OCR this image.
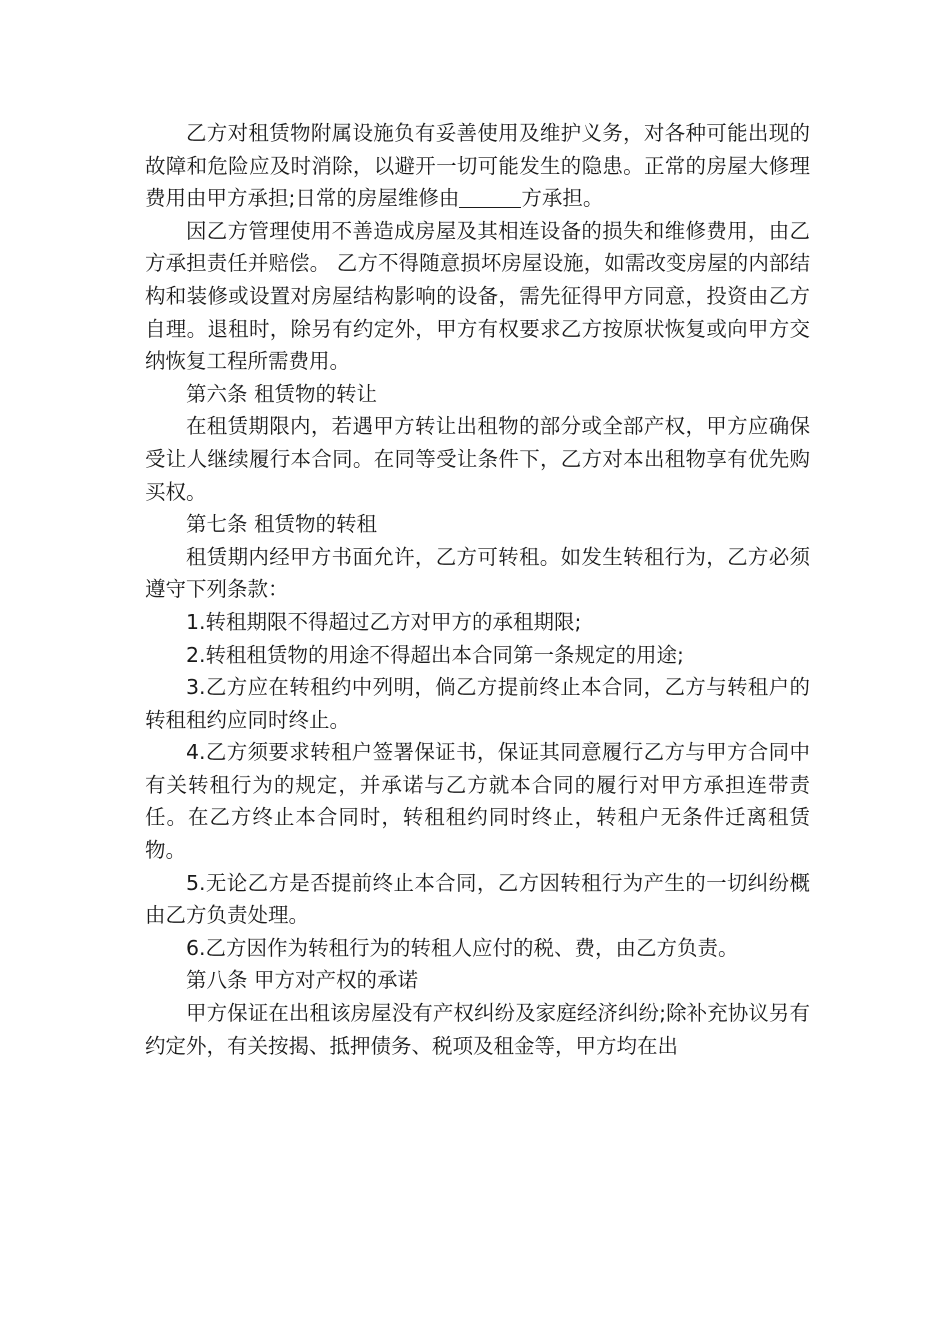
乙方对租赁物附属设施负有妥善使用及维护义务，对各种可能出现的故障和危险应及时消除，以避开一切可能发生的隐患。正常的房屋大修理费用由甲方承担;日常的房屋维修由	方承担。

因乙方管理使用不善造成房屋及其相连设备的损失和维修费用，由乙方承担责任并赔偿。 乙方不得随意损坏房屋设施，如需改变房屋的内部结构和装修或设置对房屋结构影响的设备，需先征得甲方同意，投资由乙方自理。退租时，除另有约定外，甲方有权要求乙方按原状恢复或向甲方交纳恢复工程所需费用。

第六条 租赁物的转让

在租赁期限内，若遇甲方转让出租物的部分或全部产权，甲方应确保受让人继续履行本合同。在同等受让条件下，乙方对本出租物享有优先购买权。

第七条 租赁物的转租

租赁期内经甲方书面允许，乙方可转租。如发生转租行为，乙方必须遵守下列条款：

1.转租期限不得超过乙方对甲方的承租期限;

2.转租租赁物的用途不得超出本合同第一条规定的用途;

3.乙方应在转租约中列明，倘乙方提前终止本合同，乙方与转租户的转租租约应同时终止。

4.乙方须要求转租户签署保证书，保证其同意履行乙方与甲方合同中有关转租行为的规定，并承诺与乙方就本合同的履行对甲方承担连带责任。在乙方终止本合同时，转租租约同时终止，转租户无条件迁离租赁物。

5.无论乙方是否提前终止本合同，乙方因转租行为产生的一切纠纷概由乙方负责处理。

6.乙方因作为转租行为的转租人应付的税、费，由乙方负责。

第八条 甲方对产权的承诺

甲方保证在出租该房屋没有产权纠纷及家庭经济纠纷;除补充协议另有约定外，有关按揭、抵押债务、税项及租金等，甲方均在出
